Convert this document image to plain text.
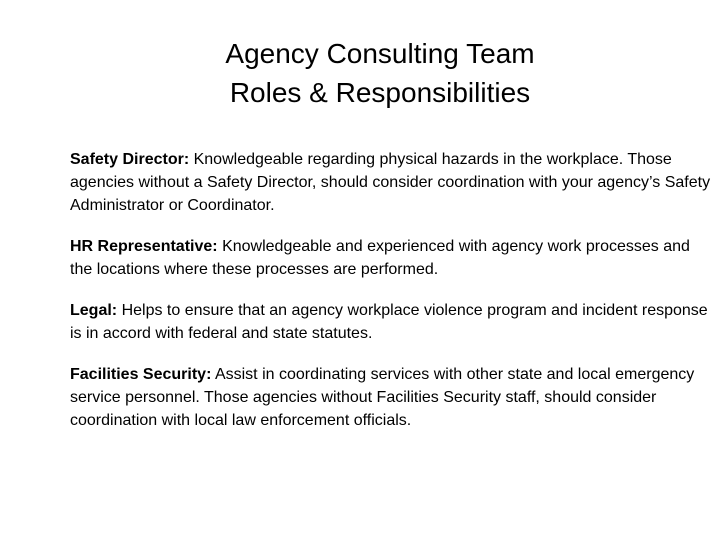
Agency Consulting Team
Roles & Responsibilities

Safety Director: Knowledgeable regarding physical hazards in the workplace. Those agencies without a Safety Director, should consider coordination with your agency’s Safety Administrator or Coordinator.

HR Representative: Knowledgeable and experienced with agency work processes and the locations where these processes are performed.

Legal: Helps to ensure that an agency workplace violence program and incident response is in accord with federal and state statutes.

Facilities Security: Assist in coordinating services with other state and local emergency service personnel. Those agencies without Facilities Security staff, should consider coordination with local law enforcement officials.
